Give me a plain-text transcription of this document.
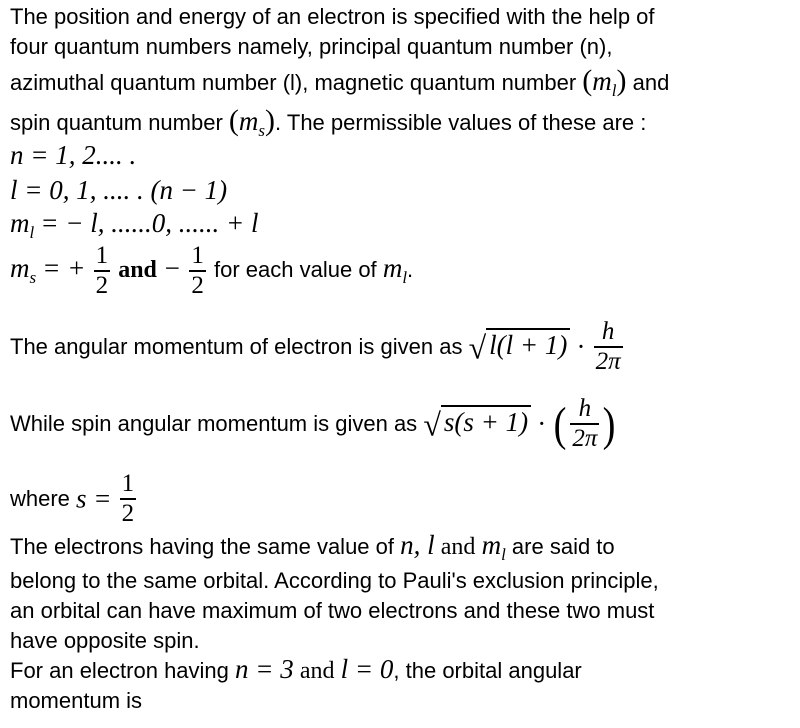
The position and energy of an electron is specified with the help of
four quantum numbers namely, principal quantum number (n),
azimuthal quantum number (l), magnetic quantum number $(m_l)$ and
spin quantum number $(m_s)$. The permissible values of these are :
n = 1, 2.... .
l = 0, 1, .... . (n − 1)
$m_l$ = − l, ......0, ...... + l
$m_s$ = + $\frac{1}{2}$ and − $\frac{1}{2}$ for each value of $m_l$.
The angular momentum of electron is given as √ $l(l + 1) \cdot \frac{h}{2\pi}$
While spin angular momentum is given as √ s(s + 1) · ( $\frac{h}{2\pi}$ )
where $s = \frac{1}{2}$
The electrons having the same value of n, l and $m_l$ are said to
belong to the same orbital. According to Pauli's exclusion principle,
an orbital can have maximum of two electrons and these two must
have opposite spin.
For an electron having n = 3 and l = 0, the orbital angular
momentum is
